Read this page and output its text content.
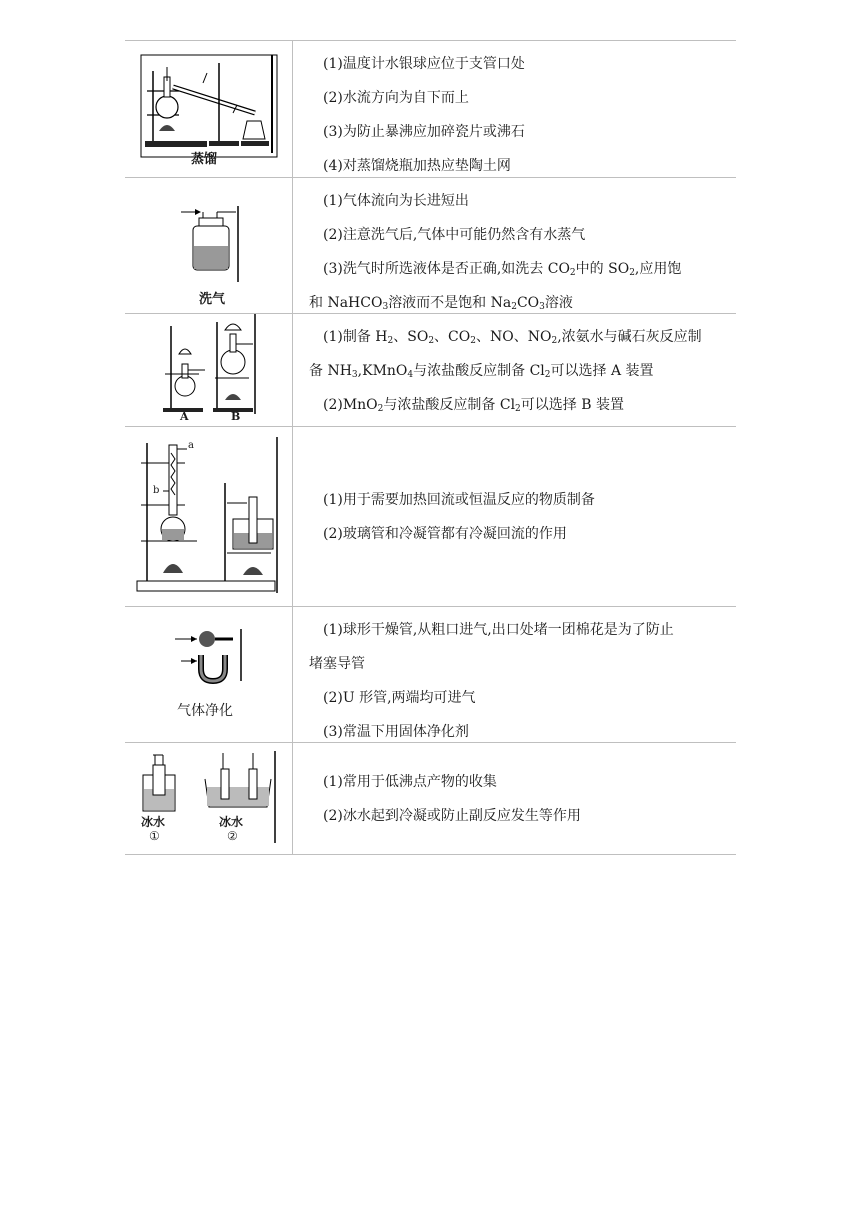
蒸馏
(1)温度计水银球应位于支管口处
(2)水流方向为自下而上
(3)为防止暴沸应加碎瓷片或沸石
(4)对蒸馏烧瓶加热应垫陶土网
洗气
(1)气体流向为长进短出
(2)注意洗气后,气体中可能仍然含有水蒸气
(3)洗气时所选液体是否正确,如洗去 $CO_2$中的 $SO_2$,应用饱
和 NaHCO$_3$溶液而不是饱和 $Na_2CO_3$溶液
A	B
(1)制备 $H_2$、$SO_2$、$CO_2$、NO、$NO_2$,浓氨水与碱石灰反应制
备 $NH_3,KMnO_4$与浓盐酸反应制备 $Cl_2$可以选择 A 装置
(2)MnO$_2$与浓盐酸反应制备 $Cl_2$可以选择 B 装置
a
b
(1)用于需要加热回流或恒温反应的物质制备
(2)玻璃管和冷凝管都有冷凝回流的作用
气体净化
(1)球形干燥管,从粗口进气,出口处堵一团棉花是为了防止
堵塞导管
(2)U 形管,两端均可进气
(3)常温下用固体净化剂
冰水
①
冰水
②
(1)常用于低沸点产物的收集
(2)冰水起到冷凝或防止副反应发生等作用
